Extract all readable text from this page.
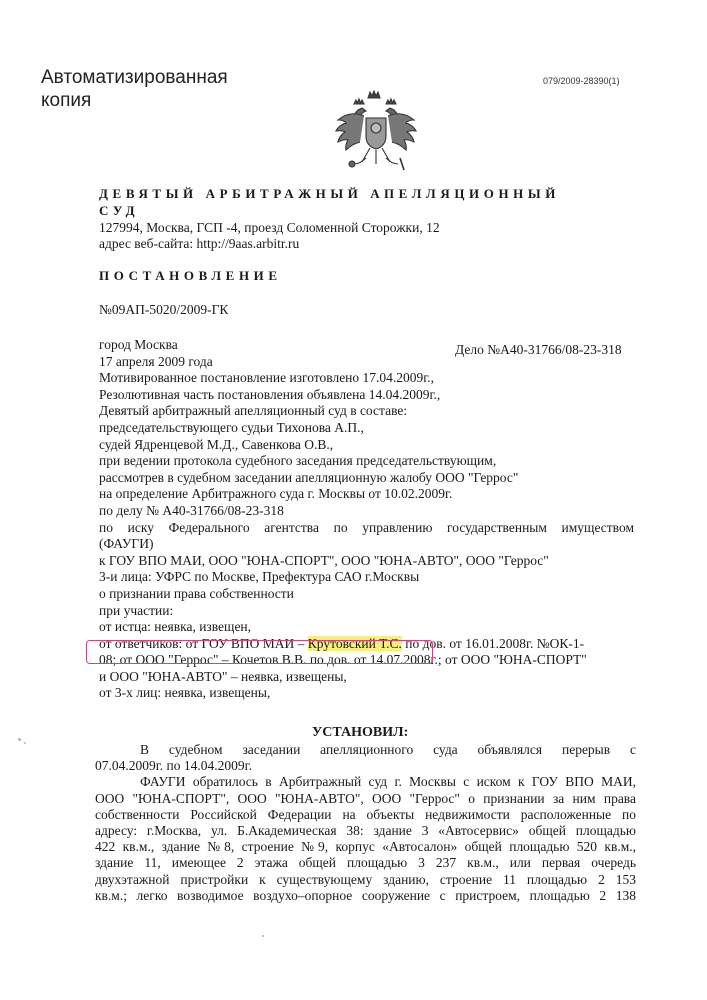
Автоматизированная
копия
079/2009-28390(1)
ДЕВЯТЫЙ АРБИТРАЖНЫЙ АПЕЛЛЯЦИОННЫЙ
СУД
127994, Москва, ГСП -4, проезд Соломенной Сторожки, 12
адрес веб-сайта: http://9aas.arbitr.ru
ПОСТАНОВЛЕНИЕ
№09АП-5020/2009-ГК
Дело №А40-31766/08-23-318
город Москва
17 апреля 2009 года
Мотивированное постановление изготовлено 17.04.2009г.,
Резолютивная часть постановления объявлена 14.04.2009г.,
Девятый арбитражный апелляционный суд в составе:
председательствующего судьи Тихонова А.П.,
судей Ядренцевой М.Д., Савенкова О.В.,
при ведении протокола судебного заседания председательствующим,
рассмотрев в судебном заседании апелляционную жалобу ООО "Геррос"
на определение Арбитражного суда г. Москвы от 10.02.2009г.
по делу № А40-31766/08-23-318
по иску Федерального агентства по управлению государственным имуществом
(ФАУГИ)
к ГОУ ВПО МАИ, ООО "ЮНА-СПОРТ", ООО "ЮНА-АВТО", ООО "Геррос"
3-и лица: УФРС по Москве, Префектура САО г.Москвы
о признании права собственности
при участии:
от истца: неявка, извещен,
от ответчиков: от ГОУ ВПО МАИ – Крутовский Т.С. по дов. от 16.01.2008г. №ОК-1-
08; от ООО "Геррос" – Кочетов В.В. по дов. от 14.07.2008г.; от ООО "ЮНА-СПОРТ"
и ООО "ЮНА-АВТО" – неявка, извещены,
от 3-х лиц: неявка, извещены,
УСТАНОВИЛ:
В судебном заседании апелляционного суда объявлялся перерыв с
07.04.2009г. по 14.04.2009г.
ФАУГИ обратилось в Арбитражный суд г. Москвы с иском к ГОУ ВПО МАИ,
ООО "ЮНА-СПОРТ", ООО "ЮНА-АВТО", ООО "Геррос" о признании за ним права
собственности Российской Федерации на объекты недвижимости расположенные по
адресу: г.Москва, ул. Б.Академическая 38: здание 3 «Автосервис» общей площадью
422 кв.м., здание №8, строение №9, корпус «Автосалон» общей площадью 520 кв.м.,
здание 11, имеющее 2 этажа общей площадью 3 237 кв.м., или первая очередь
двухэтажной пристройки к существующему зданию, строение 11 площадью 2 153
кв.м.; легко возводимое воздухо–опорное сооружение с пристроем, площадью 2 138
